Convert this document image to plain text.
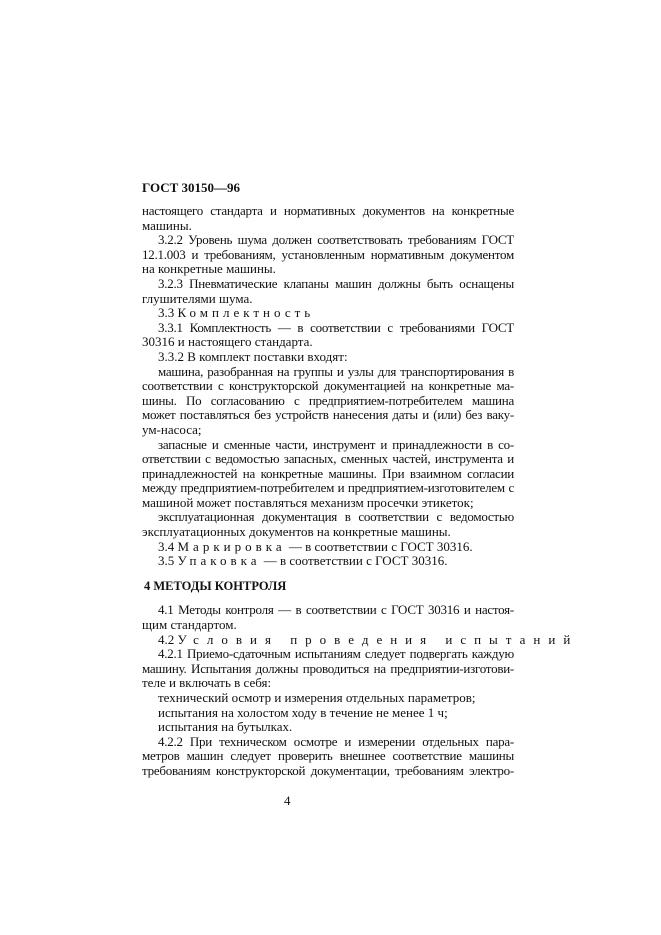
ГОСТ 30150—96
настоящего стандарта и нормативных документов на конкретные
машины.
3.2.2 Уровень шума должен соответствовать требованиям ГОСТ
12.1.003 и требованиям, установленным нормативным документом
на конкретные машины.
3.2.3 Пневматические клапаны машин должны быть оснащены
глушителями шума.
3.3 Комплектность
3.3.1 Комплектность — в соответствии с требованиями ГОСТ
30316 и настоящего стандарта.
3.3.2 В комплект поставки входят:
машина, разобранная на группы и узлы для транспортирования в
соответствии с конструкторской документацией на конкретные ма-
шины. По согласованию с предприятием-потребителем машина
может поставляться без устройств нанесения даты и (или) без ваку-
ум-насоса;
запасные и сменные части, инструмент и принадлежности в со-
ответствии с ведомостью запасных, сменных частей, инструмента и
принадлежностей на конкретные машины. При взаимном согласии
между предприятием-потребителем и предприятием-изготовителем с
машиной может поставляться механизм просечки этикеток;
эксплуатационная документация в соответствии с ведомостью
эксплуатационных документов на конкретные машины.
3.4 Маркировка — в соответствии с ГОСТ 30316.
3.5 Упаковка — в соответствии с ГОСТ 30316.
4 МЕТОДЫ КОНТРОЛЯ
4.1 Методы контроля — в соответствии с ГОСТ 30316 и настоя-
щим стандартом.
4.2 Условия проведения испытаний
4.2.1 Приемо-сдаточным испытаниям следует подвергать каждую
машину. Испытания должны проводиться на предприятии-изготови-
теле и включать в себя:
технический осмотр и измерения отдельных параметров;
испытания на холостом ходу в течение не менее 1 ч;
испытания на бутылках.
4.2.2 При техническом осмотре и измерении отдельных пара-
метров машин следует проверить внешнее соответствие машины
требованиям конструкторской документации, требованиям электро-
4
